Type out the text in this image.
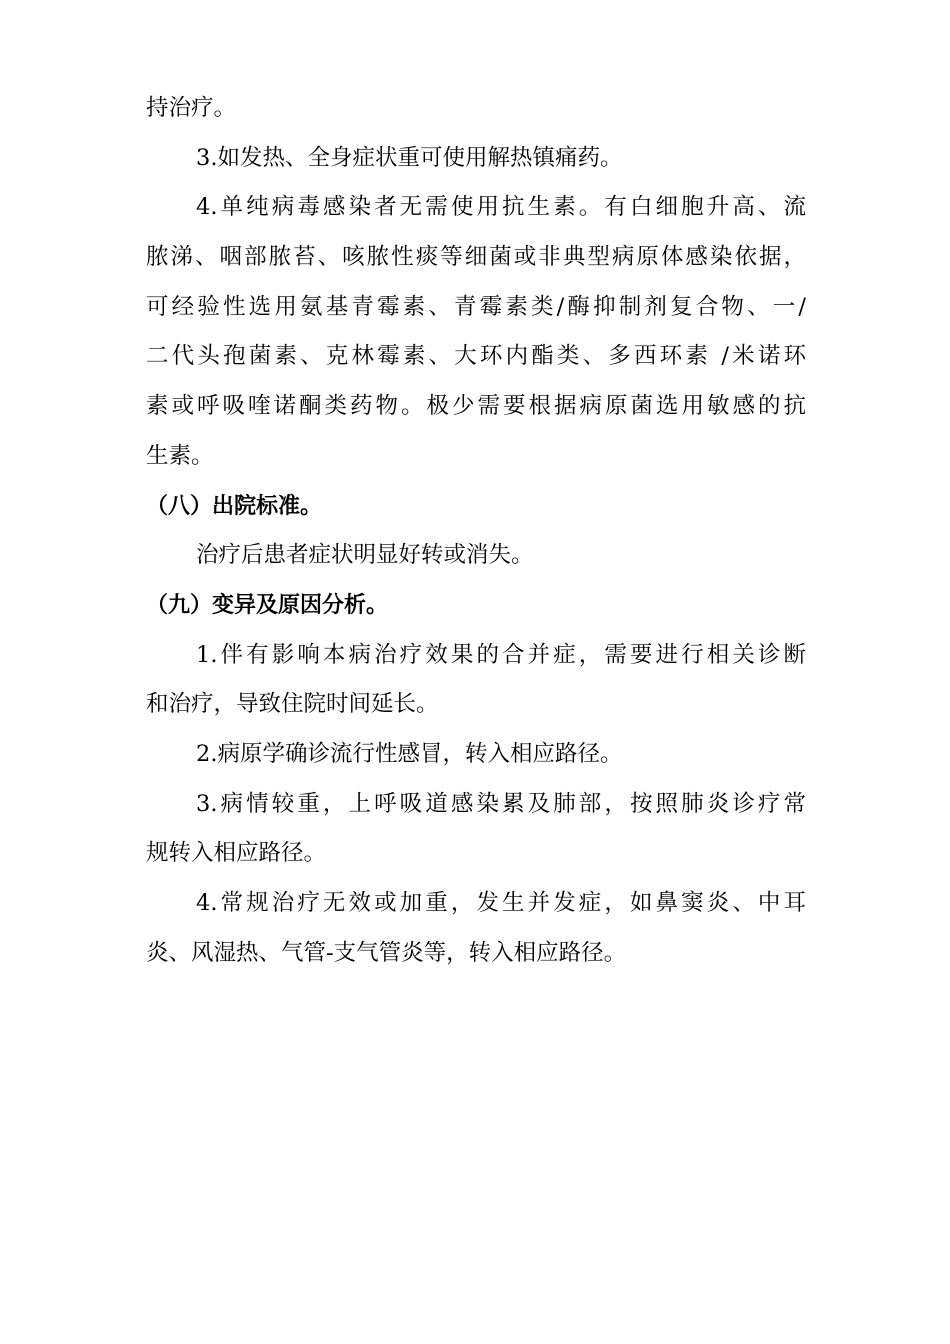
持治疗。
3.如发热、全身症状重可使用解热镇痛药。
4.单纯病毒感染者无需使用抗生素。有白细胞升高、流
脓涕、咽部脓苔、咳脓性痰等细菌或非典型病原体感染依据，
可经验性选用氨基青霉素、青霉素类/酶抑制剂复合物、一/
二代头孢菌素、克林霉素、大环内酯类、多西环素 /米诺环
素或呼吸喹诺酮类药物。极少需要根据病原菌选用敏感的抗
生素。
（八）出院标准。
治疗后患者症状明显好转或消失。
（九）变异及原因分析。
1.伴有影响本病治疗效果的合并症，需要进行相关诊断
和治疗，导致住院时间延长。
2.病原学确诊流行性感冒，转入相应路径。
3.病情较重，上呼吸道感染累及肺部，按照肺炎诊疗常
规转入相应路径。
4.常规治疗无效或加重，发生并发症，如鼻窦炎、中耳
炎、风湿热、气管-支气管炎等，转入相应路径。
